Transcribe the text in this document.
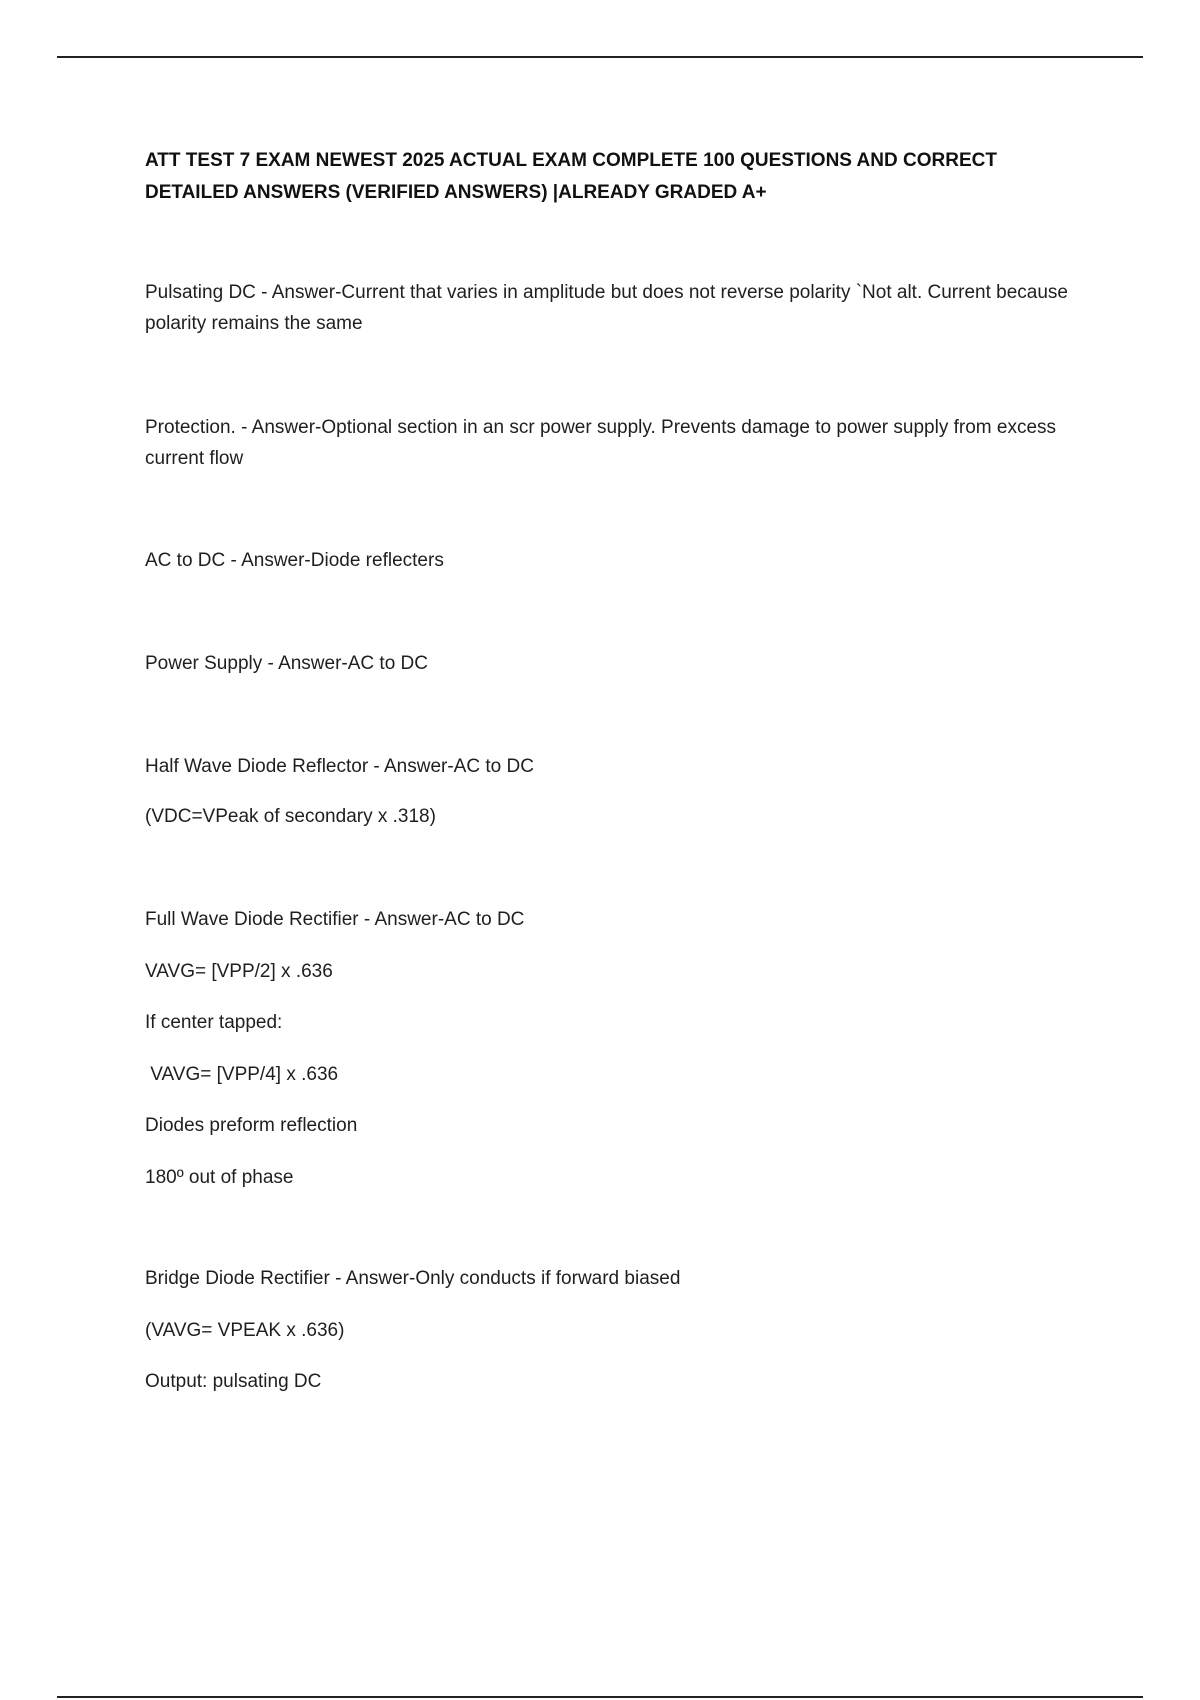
ATT TEST 7 EXAM NEWEST 2025 ACTUAL EXAM COMPLETE 100 QUESTIONS AND CORRECT DETAILED ANSWERS (VERIFIED ANSWERS) |ALREADY GRADED A+

Pulsating DC - Answer-Current that varies in amplitude but does not reverse polarity `Not alt. Current because polarity remains the same

Protection. - Answer-Optional section in an scr power supply. Prevents damage to power supply from excess current flow

AC to DC - Answer-Diode reflecters

Power Supply - Answer-AC to DC

Half Wave Diode Reflector - Answer-AC to DC

(VDC=VPeak of secondary x .318)

Full Wave Diode Rectifier - Answer-AC to DC

VAVG= [VPP/2] x .636

If center tapped:

VAVG= [VPP/4] x .636

Diodes preform reflection

180º out of phase

Bridge Diode Rectifier - Answer-Only conducts if forward biased

(VAVG= VPEAK x .636)

Output: pulsating DC
